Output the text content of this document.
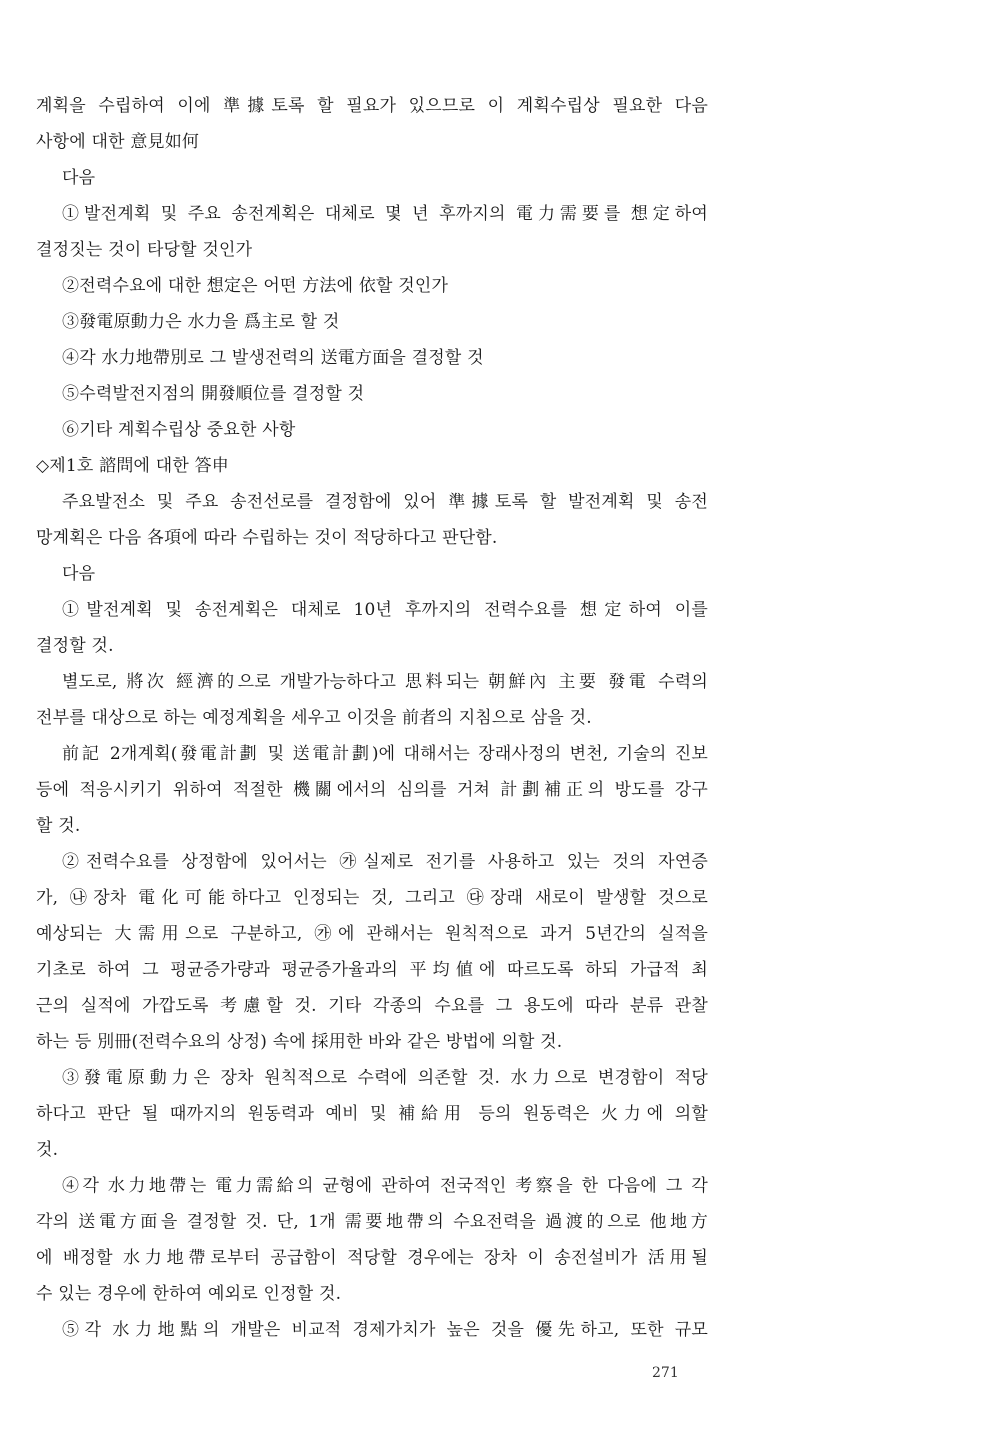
계획을 수립하여 이에 準據토록 할 필요가 있으므로 이 계획수립상 필요한 다음
사항에 대한 意見如何
다음
①발전계획 및 주요 송전계획은 대체로 몇 년 후까지의 電力需要를 想定하여
결정짓는 것이 타당할 것인가
②전력수요에 대한 想定은 어떤 方法에 依할 것인가
③發電原動力은 水力을 爲主로 할 것
④각 水力地帶別로 그 발생전력의 送電方面을 결정할 것
⑤수력발전지점의 開發順位를 결정할 것
⑥기타 계획수립상 중요한 사항
◇제1호 諮問에 대한 答申
주요발전소 및 주요 송전선로를 결정함에 있어 準據토록 할 발전계획 및 송전
망계획은 다음 各項에 따라 수립하는 것이 적당하다고 판단함.
다음
①발전계획 및 송전계획은 대체로 10년 후까지의 전력수요를 想定하여 이를
결정할 것.
별도로, 將次 經濟的으로 개발가능하다고 思料되는 朝鮮內 主要 發電 수력의
전부를 대상으로 하는 예정계획을 세우고 이것을 前者의 지침으로 삼을 것.
前記 2개계획(發電計劃 및 送電計劃)에 대해서는 장래사정의 변천, 기술의 진보
등에 적응시키기 위하여 적절한 機關에서의 심의를 거쳐 計劃補正의 방도를 강구
할 것.
②전력수요를 상정함에 있어서는 ㉮실제로 전기를 사용하고 있는 것의 자연증
가, ㉯장차 電化可能하다고 인정되는 것, 그리고 ㉰장래 새로이 발생할 것으로
예상되는 大需用으로 구분하고, ㉮에 관해서는 원칙적으로 과거 5년간의 실적을
기초로 하여 그 평균증가량과 평균증가율과의 平均値에 따르도록 하되 가급적 최
근의 실적에 가깝도록 考慮할 것. 기타 각종의 수요를 그 용도에 따라 분류 관찰
하는 등 別冊(전력수요의 상정) 속에 採用한 바와 같은 방법에 의할 것.
③發電原動力은 장차 원칙적으로 수력에 의존할 것. 水力으로 변경함이 적당
하다고 판단 될 때까지의 원동력과 예비 및 補給用 등의 원동력은 火力에 의할
것.
④각 水力地帶는 電力需給의 균형에 관하여 전국적인 考察을 한 다음에 그 각
각의 送電方面을 결정할 것. 단, 1개 需要地帶의 수요전력을 過渡的으로 他地方
에 배정할 水力地帶로부터 공급함이 적당할 경우에는 장차 이 송전설비가 活用될
수 있는 경우에 한하여 예외로 인정할 것.
⑤각 水力地點의 개발은 비교적 경제가치가 높은 것을 優先하고, 또한 규모
271
